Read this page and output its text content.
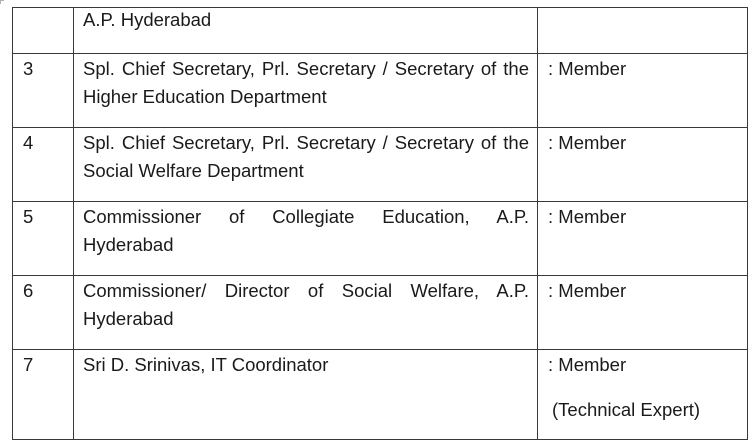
	A.P. Hyderabad	

3	Spl. Chief Secretary, Prl. Secretary / Secretary of the Higher Education Department	: Member

4	Spl. Chief Secretary, Prl. Secretary / Secretary of the Social Welfare Department	: Member

5	Commissioner of Collegiate Education, A.P. Hyderabad	: Member

6	Commissioner/ Director of Social Welfare, A.P. Hyderabad	: Member

7	Sri D. Srinivas, IT Coordinator	: Member
(Technical Expert)
